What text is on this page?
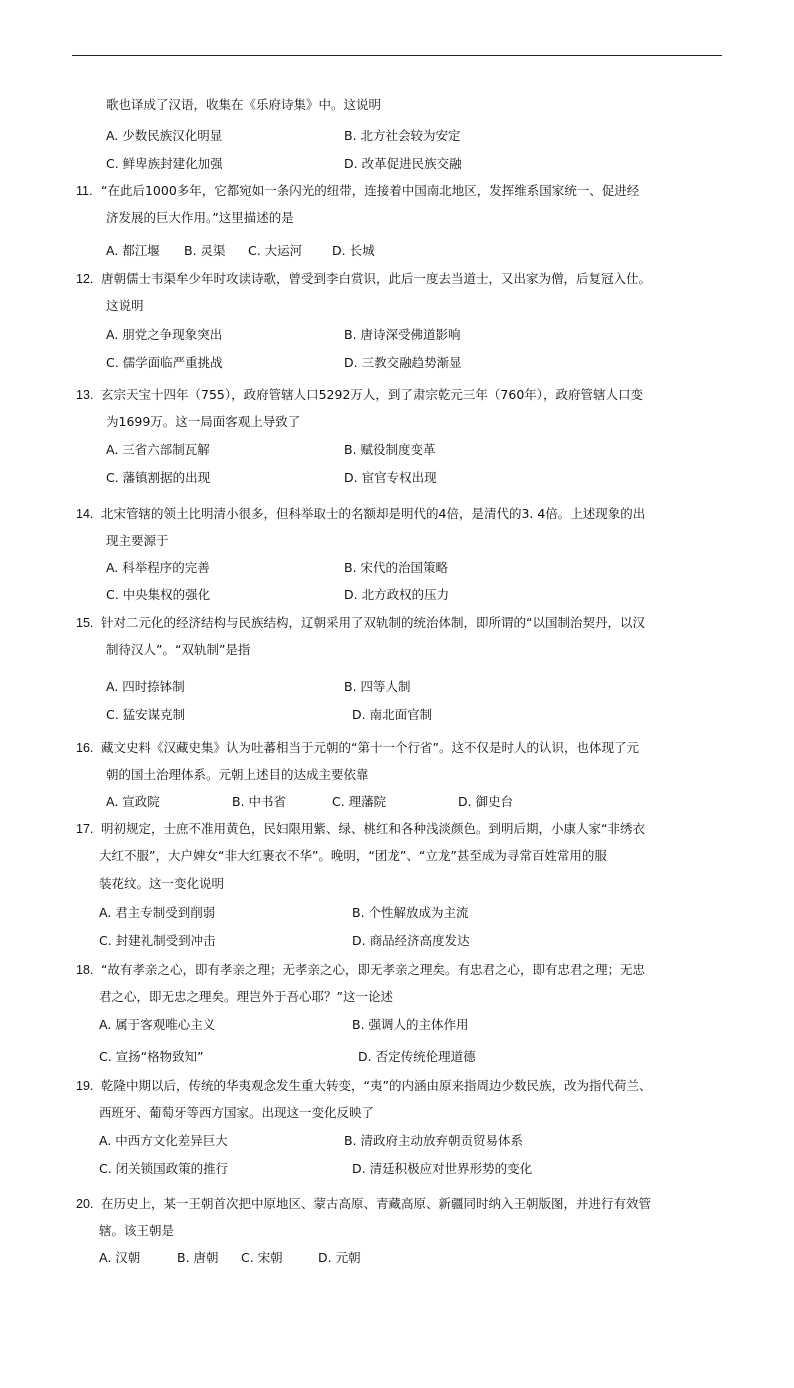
歌也译成了汉语，收集在《乐府诗集》中。这说明
A. 少数民族汉化明显	B. 北方社会较为安定
C. 鲜卑族封建化加强	D. 改革促进民族交融
11. “在此后1000多年，它都宛如一条闪光的纽带，连接着中国南北地区，发挥维系国家统一、促进经
济发展的巨大作用。”这里描述的是
A. 都江堰 B. 灵渠 C. 大运河 D. 长城
12. 唐朝儒士韦渠牟少年时攻读诗歌，曾受到李白赏识，此后一度去当道士，又出家为僧，后复冠入仕。
这说明
A. 朋党之争现象突出	B. 唐诗深受佛道影响
C. 儒学面临严重挑战	D. 三教交融趋势渐显
13. 玄宗天宝十四年（755），政府管辖人口5292万人，到了肃宗乾元三年（760年），政府管辖人口变
为1699万。这一局面客观上导致了
A. 三省六部制瓦解	B. 赋役制度变革
C. 藩镇割据的出现	D. 宦官专权出现
14. 北宋管辖的领土比明清小很多，但科举取士的名额却是明代的4倍，是清代的3. 4倍。上述现象的出
现主要源于
A. 科举程序的完善	B. 宋代的治国策略
C. 中央集权的强化	D. 北方政权的压力
15. 针对二元化的经济结构与民族结构，辽朝采用了双轨制的统治体制，即所谓的“以国制治契丹，以汉
制待汉人”。“双轨制”是指
A. 四时捺钵制	B. 四等人制
C. 猛安谋克制	D. 南北面官制
16. 藏文史料《汉藏史集》认为吐蕃相当于元朝的“第十一个行省”。这不仅是时人的认识，也体现了元
朝的国土治理体系。元朝上述目的达成主要依靠
A. 宣政院	B. 中书省	C. 理藩院	D. 御史台
17. 明初规定，士庶不准用黄色，民妇限用紫、绿、桃红和各种浅淡颜色。到明后期，小康人家“非绣衣
大红不服”，大户婢女“非大红裹衣不华”。晚明，“团龙”、“立龙”甚至成为寻常百姓常用的服
装花纹。这一变化说明
A. 君主专制受到削弱	B. 个性解放成为主流
C. 封建礼制受到冲击	D. 商品经济高度发达
18. “故有孝亲之心，即有孝亲之理；无孝亲之心，即无孝亲之理矣。有忠君之心，即有忠君之理；无忠
君之心，即无忠之理矣。理岂外于吾心耶？”这一论述
A. 属于客观唯心主义	B. 强调人的主体作用
C. 宣扬“格物致知”	D. 否定传统伦理道德
19. 乾隆中期以后，传统的华夷观念发生重大转变，“夷”的内涵由原来指周边少数民族，改为指代荷兰、
西班牙、葡萄牙等西方国家。出现这一变化反映了
A. 中西方文化差异巨大	B. 清政府主动放弃朝贡贸易体系
C. 闭关锁国政策的推行	D. 清廷积极应对世界形势的变化
20. 在历史上，某一王朝首次把中原地区、蒙古高原、青藏高原、新疆同时纳入王朝版图，并进行有效管
辖。该王朝是
A. 汉朝	B. 唐朝 C. 宋朝	D. 元朝
